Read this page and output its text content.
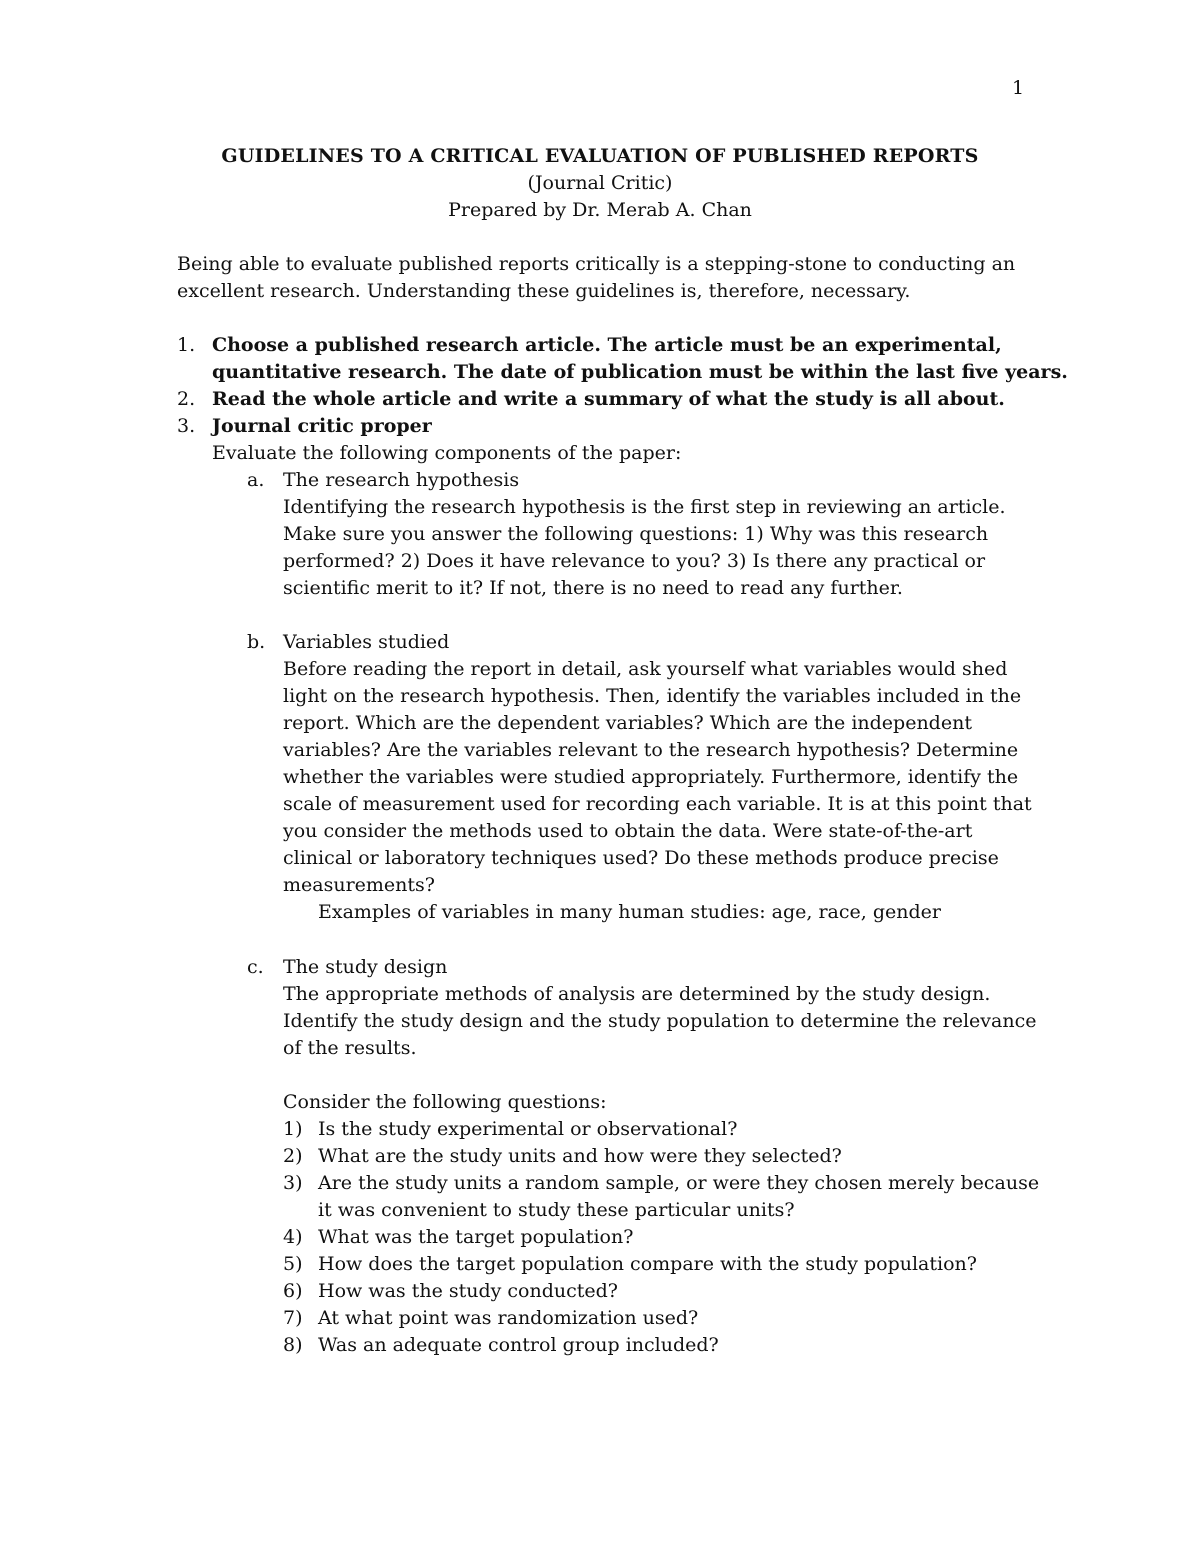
1
GUIDELINES TO A CRITICAL EVALUATION OF PUBLISHED REPORTS
(Journal Critic)
Prepared by Dr. Merab A. Chan
Being able to evaluate published reports critically is a stepping-stone to conducting an
excellent research. Understanding these guidelines is, therefore, necessary.
1. Choose a published research article. The article must be an experimental,
quantitative research. The date of publication must be within the last five years.
2. Read the whole article and write a summary of what the study is all about.
3. Journal critic proper
Evaluate the following components of the paper:
a. The research hypothesis
Identifying the research hypothesis is the first step in reviewing an article.
Make sure you answer the following questions: 1) Why was this research
performed? 2) Does it have relevance to you? 3) Is there any practical or
scientific merit to it? If not, there is no need to read any further.
b. Variables studied
Before reading the report in detail, ask yourself what variables would shed
light on the research hypothesis. Then, identify the variables included in the
report. Which are the dependent variables? Which are the independent
variables? Are the variables relevant to the research hypothesis? Determine
whether the variables were studied appropriately. Furthermore, identify the
scale of measurement used for recording each variable. It is at this point that
you consider the methods used to obtain the data. Were state-of-the-art
clinical or laboratory techniques used? Do these methods produce precise
measurements?
Examples of variables in many human studies: age, race, gender
c. The study design
The appropriate methods of analysis are determined by the study design.
Identify the study design and the study population to determine the relevance
of the results.
Consider the following questions:
1) Is the study experimental or observational?
2) What are the study units and how were they selected?
3) Are the study units a random sample, or were they chosen merely because
it was convenient to study these particular units?
4) What was the target population?
5) How does the target population compare with the study population?
6) How was the study conducted?
7) At what point was randomization used?
8) Was an adequate control group included?
